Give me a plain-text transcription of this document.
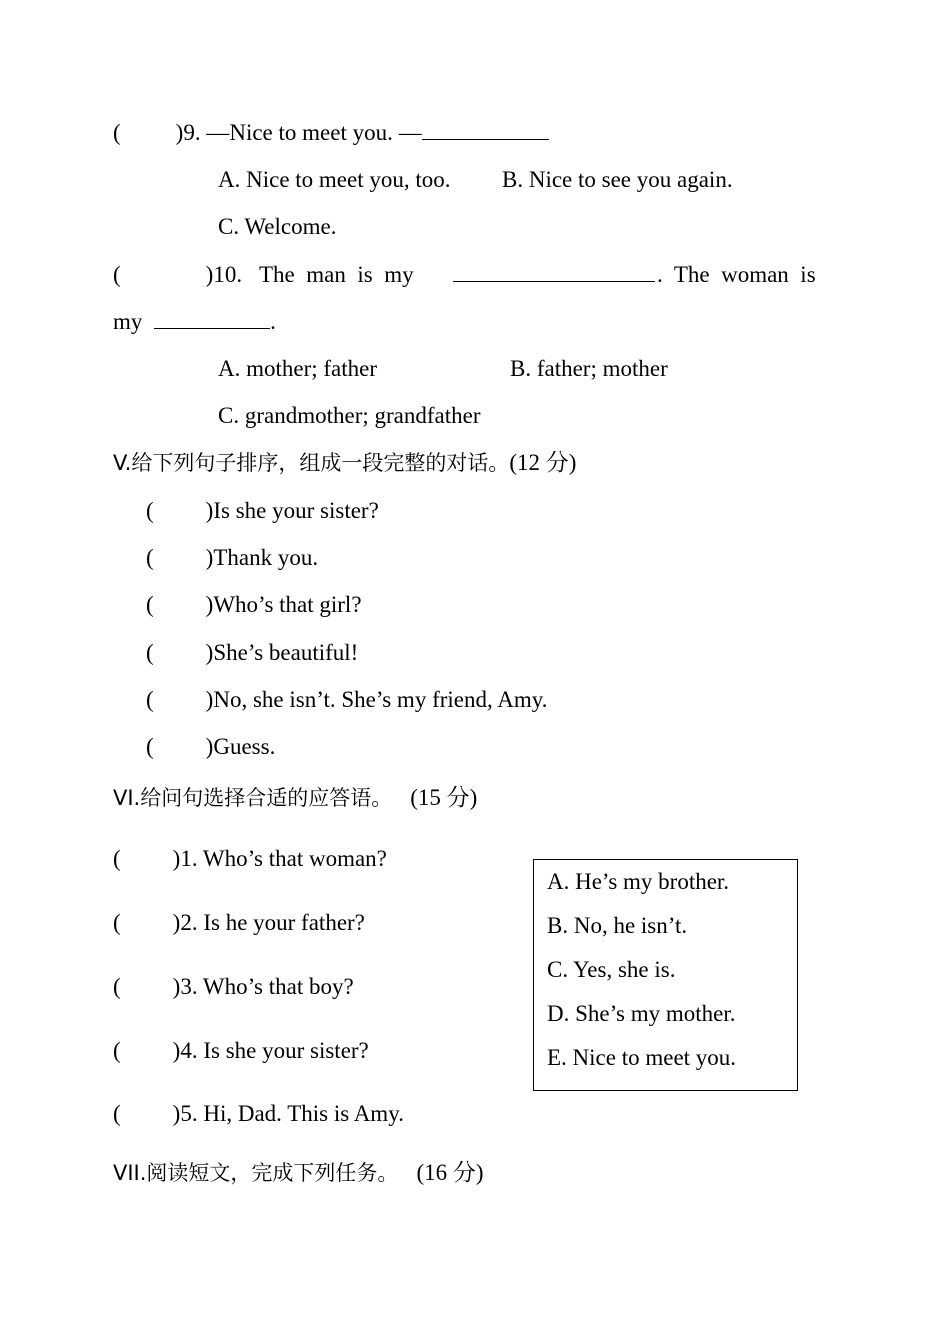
( )9. —Nice to meet you. —
A. Nice to meet you, too. B. Nice to see you again.
C. Welcome.
(	)10. The  man  is  my	.  The  woman  is
my	.
A. mother; father	B. father; mother
C. grandmother; grandfather
V.给下列句子排序，组成一段完整的对话。(12 分)
( )Is she your sister?
( )Thank you.
( )Who’s that girl?
( )She’s beautiful!
( )No, she isn’t. She’s my friend, Amy.
( )Guess.
VI.给问句选择合适的应答语。 (15 分)
( )1. Who’s that woman?
( )2. Is he your father?
( )3. Who’s that boy?
( )4. Is she your sister?
( )5. Hi, Dad. This is Amy.
A. He’s my brother.
B. No, he isn’t.
C. Yes, she is.
D. She’s my mother.
E. Nice to meet you.
VII.阅读短文，完成下列任务。 (16 分)
